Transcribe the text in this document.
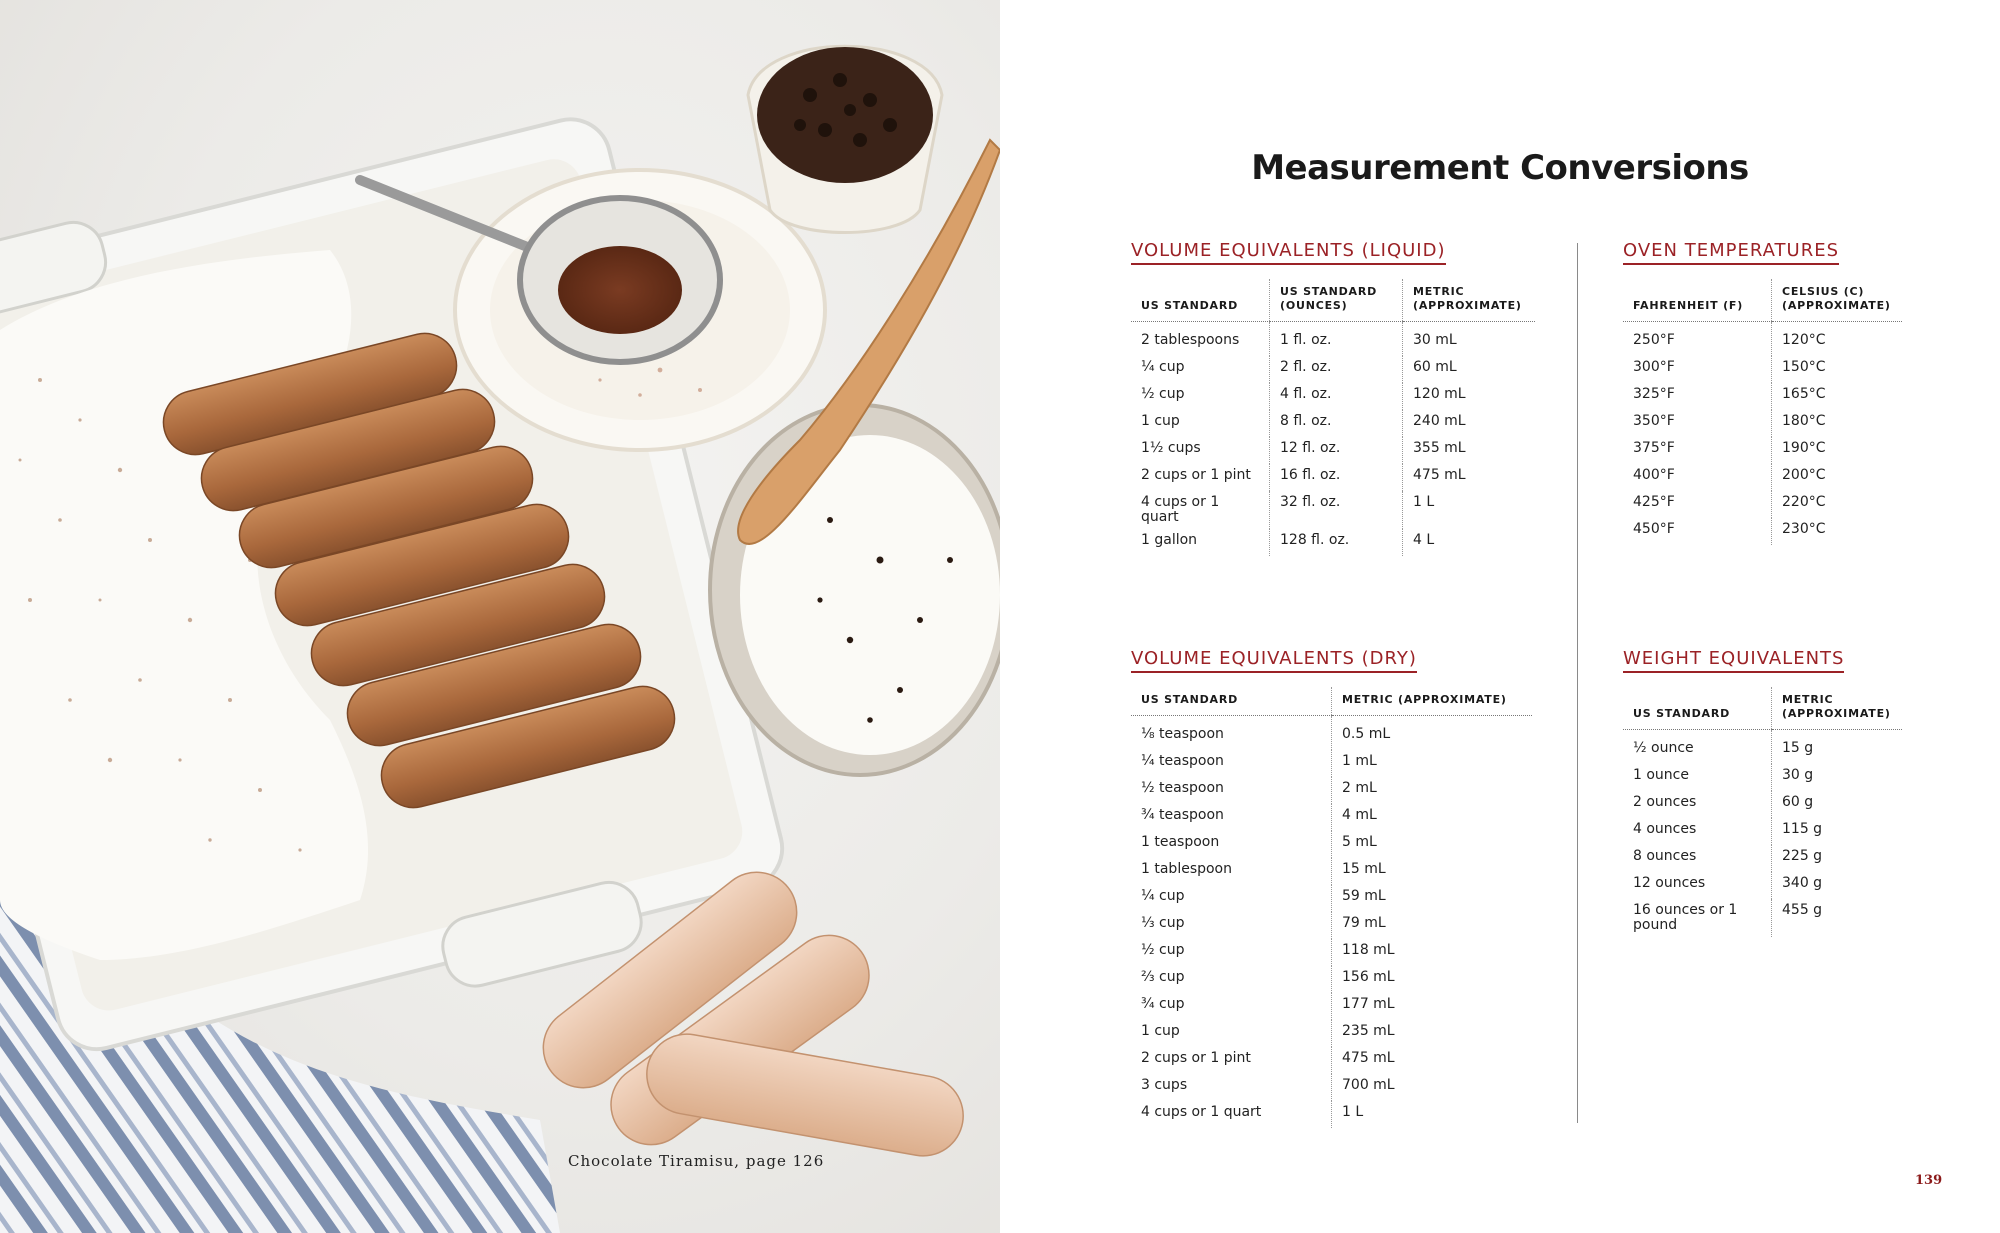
Chocolate Tiramisu, page 126
Measurement Conversions
VOLUME EQUIVALENTS (LIQUID)
US STANDARD	US STANDARD (OUNCES)	METRIC (APPROXIMATE)
2 tablespoons	1 fl. oz.	30 mL
¼ cup	2 fl. oz.	60 mL
½ cup	4 fl. oz.	120 mL
1 cup	8 fl. oz.	240 mL
1½ cups	12 fl. oz.	355 mL
2 cups or 1 pint	16 fl. oz.	475 mL
4 cups or 1 quart	32 fl. oz.	1 L
1 gallon	128 fl. oz.	4 L
OVEN TEMPERATURES
FAHRENHEIT (F)	CELSIUS (C) (APPROXIMATE)
250°F	120°C
300°F	150°C
325°F	165°C
350°F	180°C
375°F	190°C
400°F	200°C
425°F	220°C
450°F	230°C
VOLUME EQUIVALENTS (DRY)
US STANDARD	METRIC (APPROXIMATE)
⅛ teaspoon	0.5 mL
¼ teaspoon	1 mL
½ teaspoon	2 mL
¾ teaspoon	4 mL
1 teaspoon	5 mL
1 tablespoon	15 mL
¼ cup	59 mL
⅓ cup	79 mL
½ cup	118 mL
⅔ cup	156 mL
¾ cup	177 mL
1 cup	235 mL
2 cups or 1 pint	475 mL
3 cups	700 mL
4 cups or 1 quart	1 L
WEIGHT EQUIVALENTS
US STANDARD	METRIC (APPROXIMATE)
½ ounce	15 g
1 ounce	30 g
2 ounces	60 g
4 ounces	115 g
8 ounces	225 g
12 ounces	340 g
16 ounces or 1 pound	455 g
139
